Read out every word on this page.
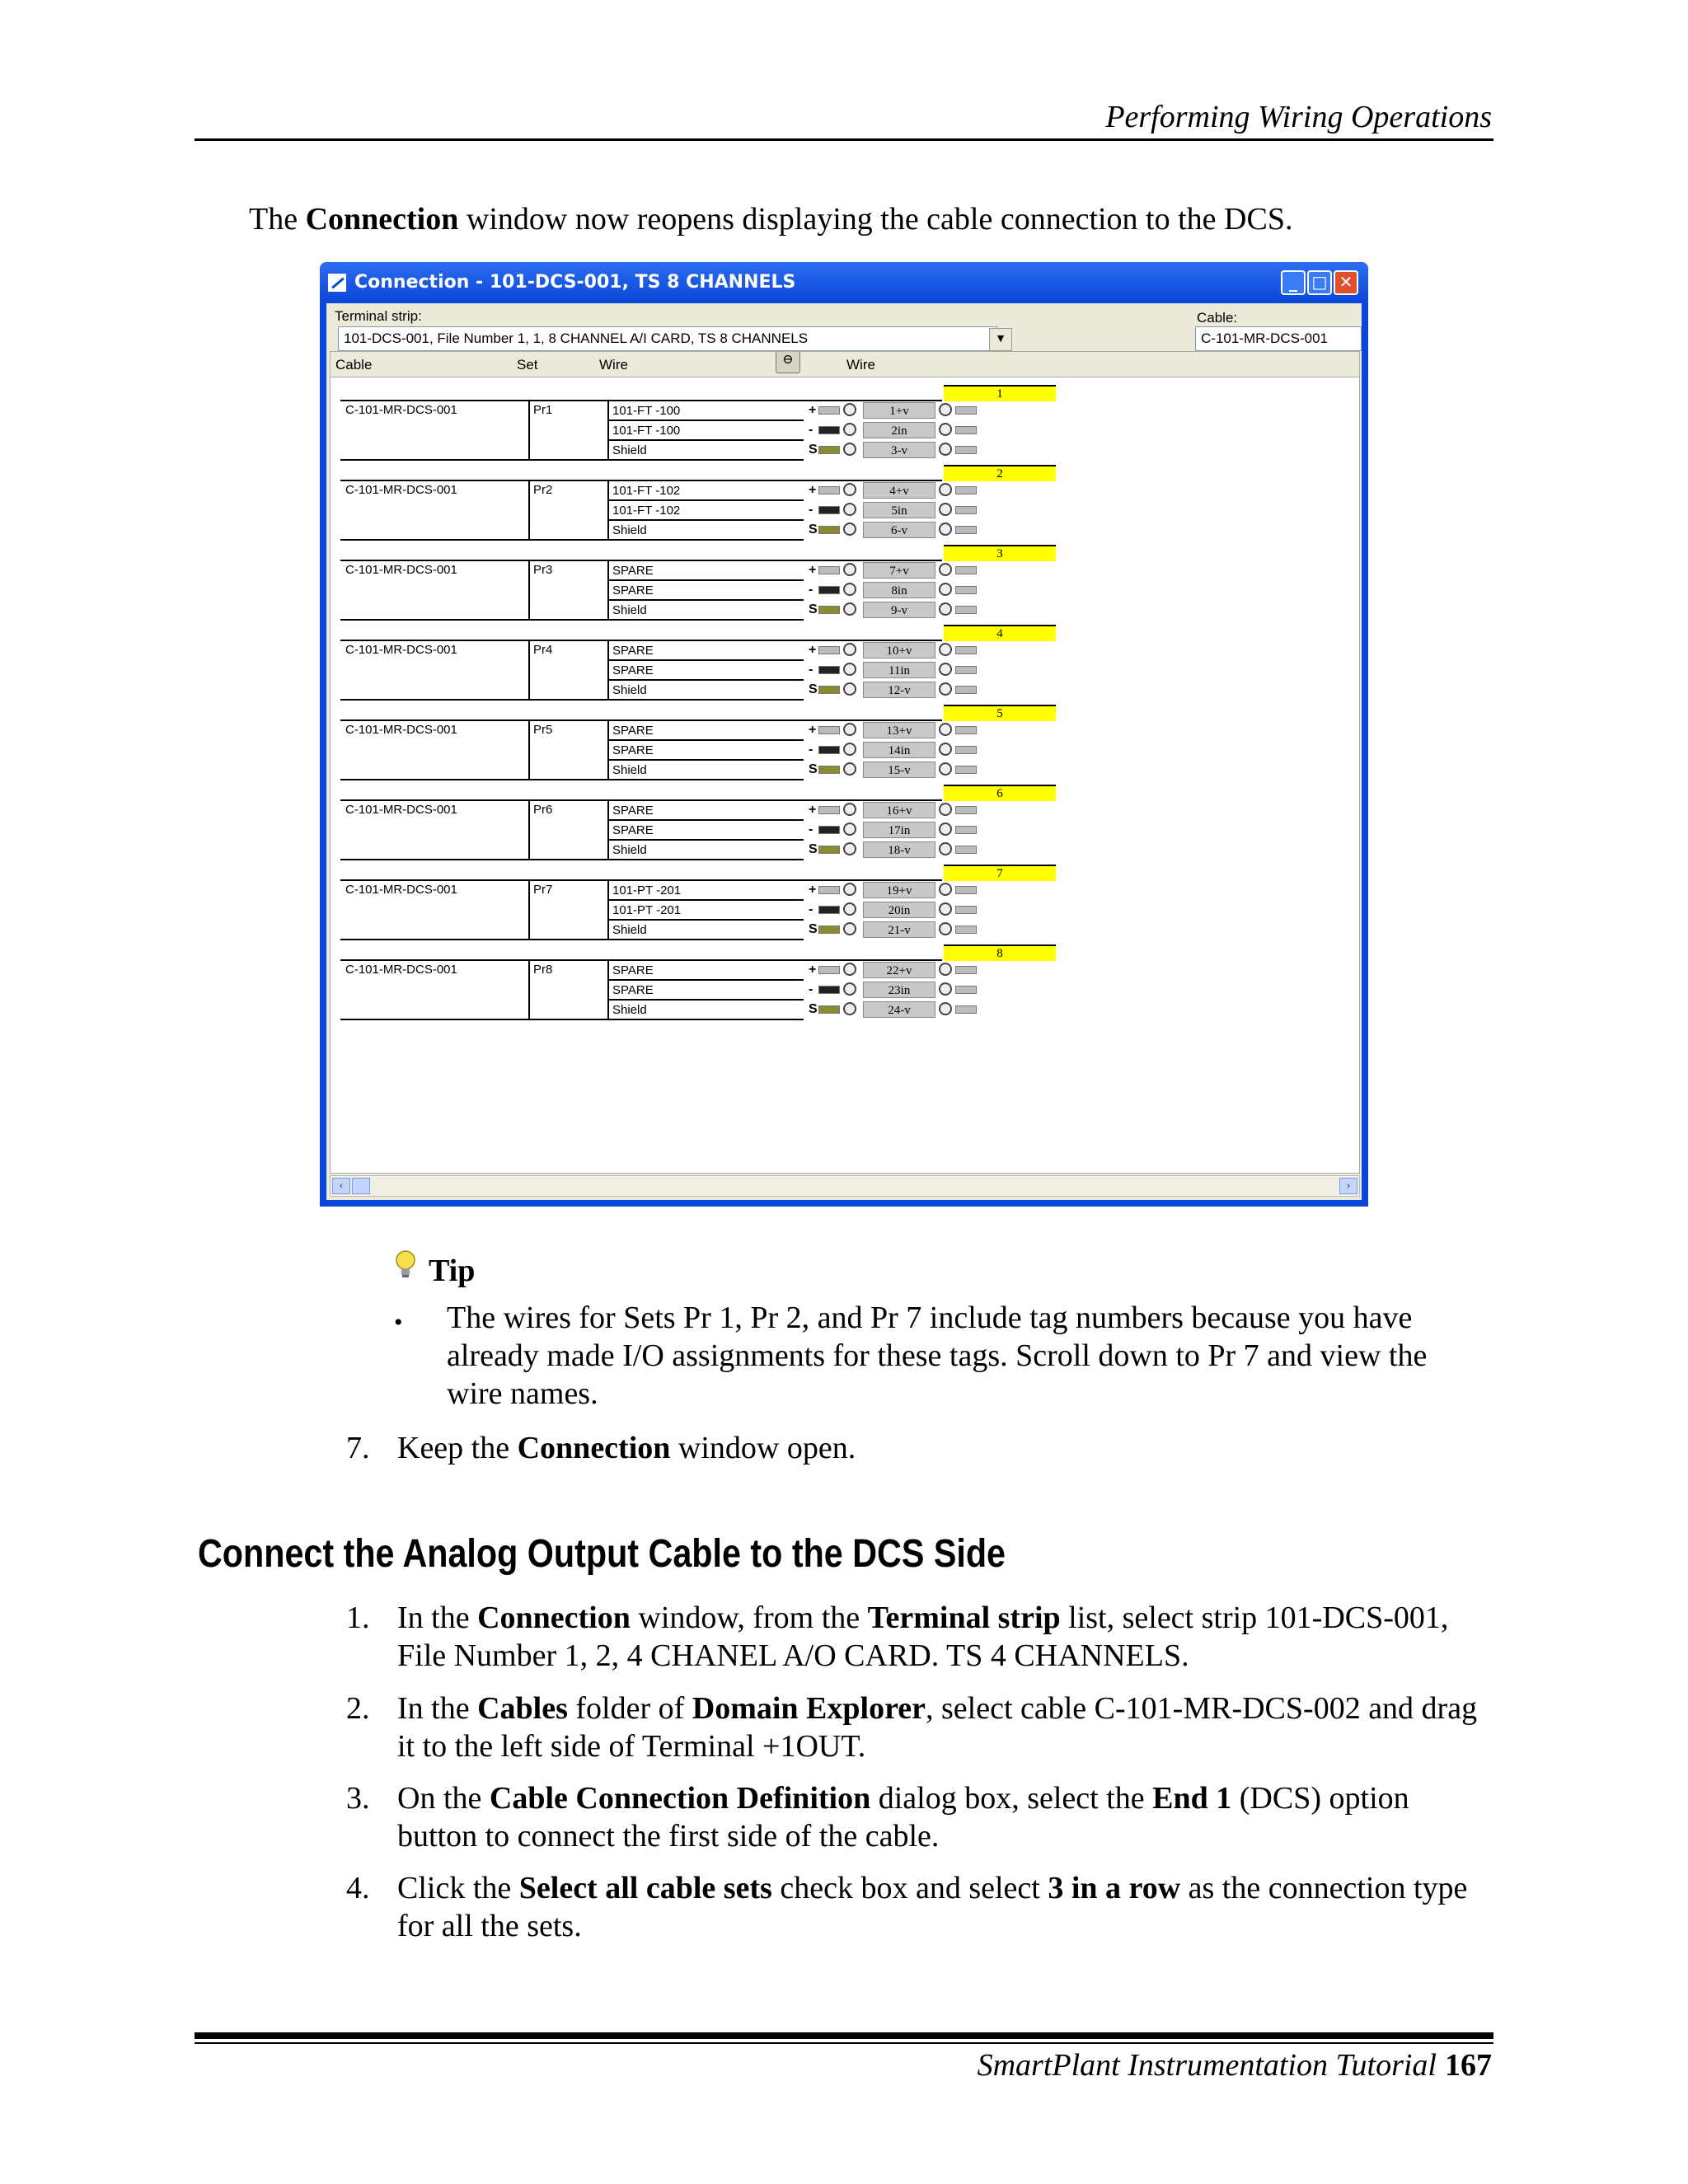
Performing Wiring Operations
The Connection window now reopens displaying the cable connection to the DCS.
Connection - 101-DCS-001, TS 8 CHANNELS	_ □ ✕
Terminal strip:
101-DCS-001, File Number 1, 1, 8 CHANNEL A/I CARD, TS 8 CHANNELS	▼
Cable:
C-101-MR-DCS-001
Cable	Set	Wire	Wire
⊖
1
C-101-MR-DCS-001	Pr1	101-FT -100	+	1+v
101-FT -100	-	2in
Shield	S	3-v
2
C-101-MR-DCS-001	Pr2	101-FT -102	+	4+v
101-FT -102	-	5in
Shield	S	6-v
3
C-101-MR-DCS-001	Pr3	SPARE	+	7+v
SPARE	-	8in
Shield	S	9-v
4
C-101-MR-DCS-001	Pr4	SPARE	+	10+v
SPARE	-	11in
Shield	S	12-v
5
C-101-MR-DCS-001	Pr5	SPARE	+	13+v
SPARE	-	14in
Shield	S	15-v
6
C-101-MR-DCS-001	Pr6	SPARE	+	16+v
SPARE	-	17in
Shield	S	18-v
7
C-101-MR-DCS-001	Pr7	101-PT -201	+	19+v
101-PT -201	-	20in
Shield	S	21-v
8
C-101-MR-DCS-001	Pr8	SPARE	+	22+v
SPARE	-	23in
Shield	S	24-v
‹	›
Tip
• The wires for Sets Pr 1, Pr 2, and Pr 7 include tag numbers because you have already made I/O assignments for these tags. Scroll down to Pr 7 and view the wire names.
7. Keep the Connection window open.
Connect the Analog Output Cable to the DCS Side
1. In the Connection window, from the Terminal strip list, select strip 101-DCS-001, File Number 1, 2, 4 CHANEL A/O CARD. TS 4 CHANNELS.
2. In the Cables folder of Domain Explorer, select cable C-101-MR-DCS-002 and drag it to the left side of Terminal +1OUT.
3. On the Cable Connection Definition dialog box, select the End 1 (DCS) option button to connect the first side of the cable.
4. Click the Select all cable sets check box and select 3 in a row as the connection type for all the sets.
SmartPlant Instrumentation Tutorial 167
